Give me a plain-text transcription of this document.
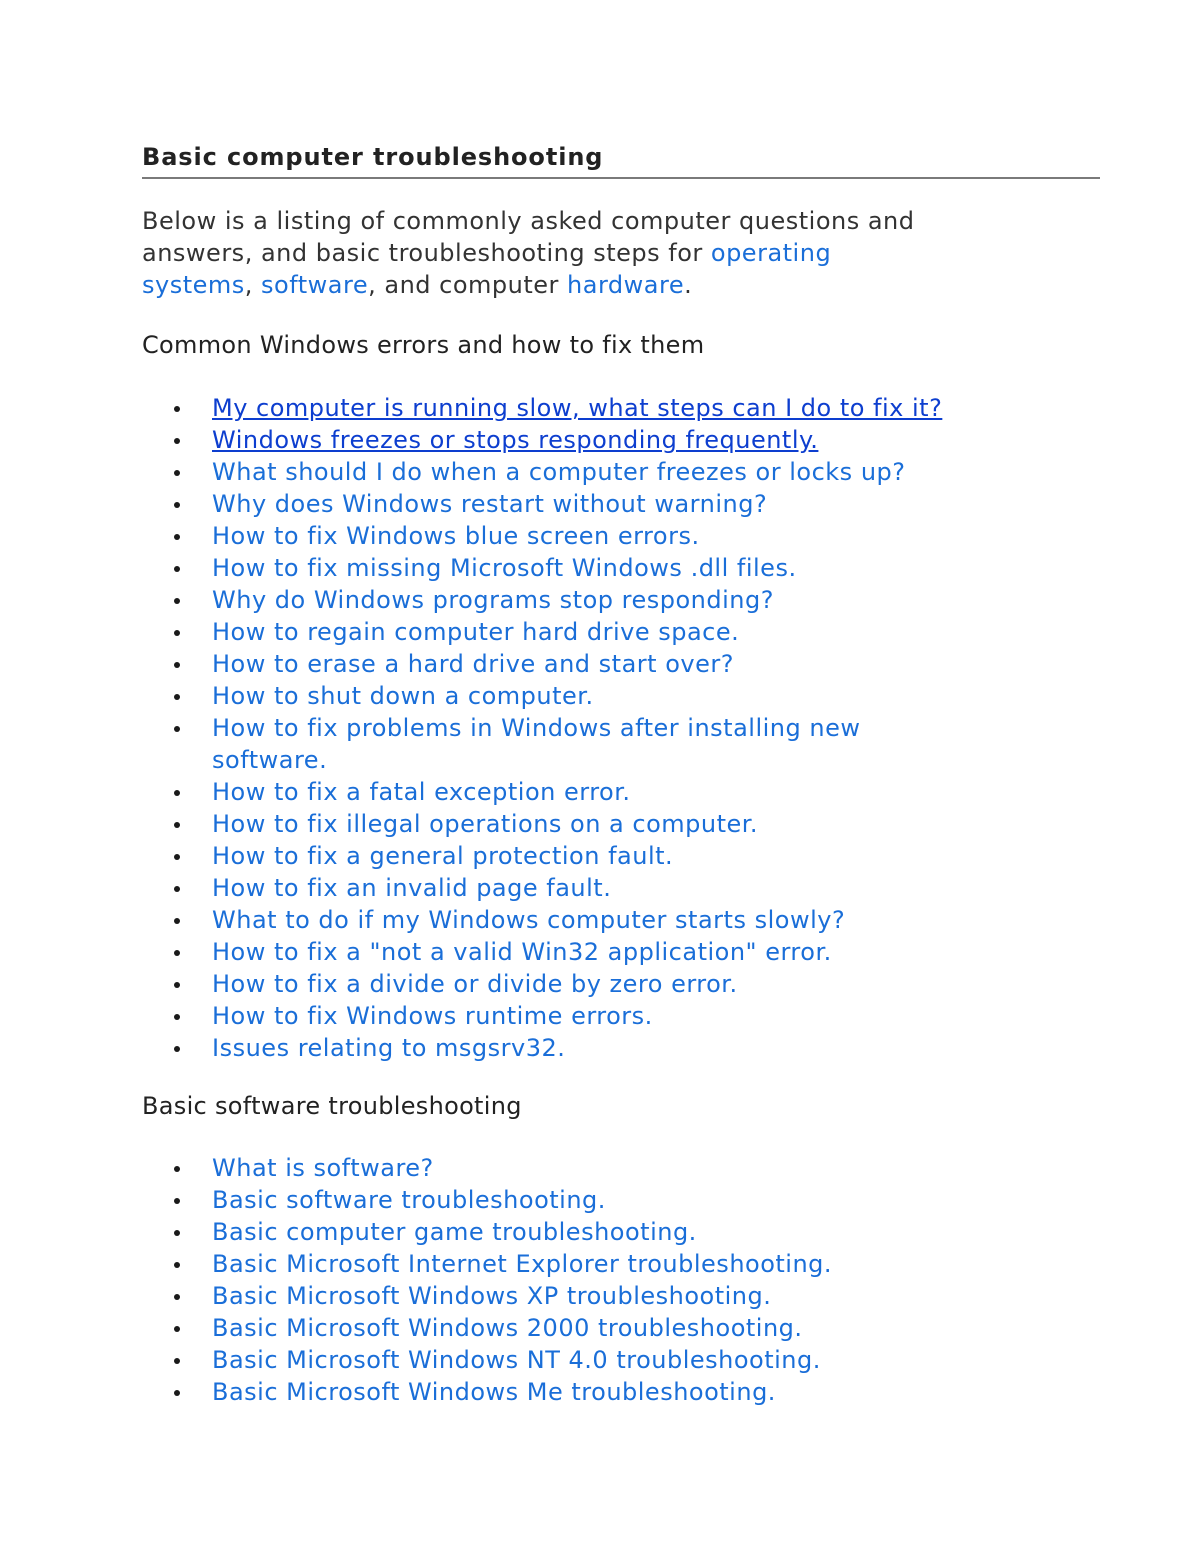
Basic computer troubleshooting
Below is a listing of commonly asked computer questions and
answers, and basic troubleshooting steps for operating
systems, software, and computer hardware.
Common Windows errors and how to fix them
My computer is running slow, what steps can I do to fix it?
Windows freezes or stops responding frequently.
What should I do when a computer freezes or locks up?
Why does Windows restart without warning?
How to fix Windows blue screen errors.
How to fix missing Microsoft Windows .dll files.
Why do Windows programs stop responding?
How to regain computer hard drive space.
How to erase a hard drive and start over?
How to shut down a computer.
How to fix problems in Windows after installing new software.
How to fix a fatal exception error.
How to fix illegal operations on a computer.
How to fix a general protection fault.
How to fix an invalid page fault.
What to do if my Windows computer starts slowly?
How to fix a "not a valid Win32 application" error.
How to fix a divide or divide by zero error.
How to fix Windows runtime errors.
Issues relating to msgsrv32.
Basic software troubleshooting
What is software?
Basic software troubleshooting.
Basic computer game troubleshooting.
Basic Microsoft Internet Explorer troubleshooting.
Basic Microsoft Windows XP troubleshooting.
Basic Microsoft Windows 2000 troubleshooting.
Basic Microsoft Windows NT 4.0 troubleshooting.
Basic Microsoft Windows Me troubleshooting.
